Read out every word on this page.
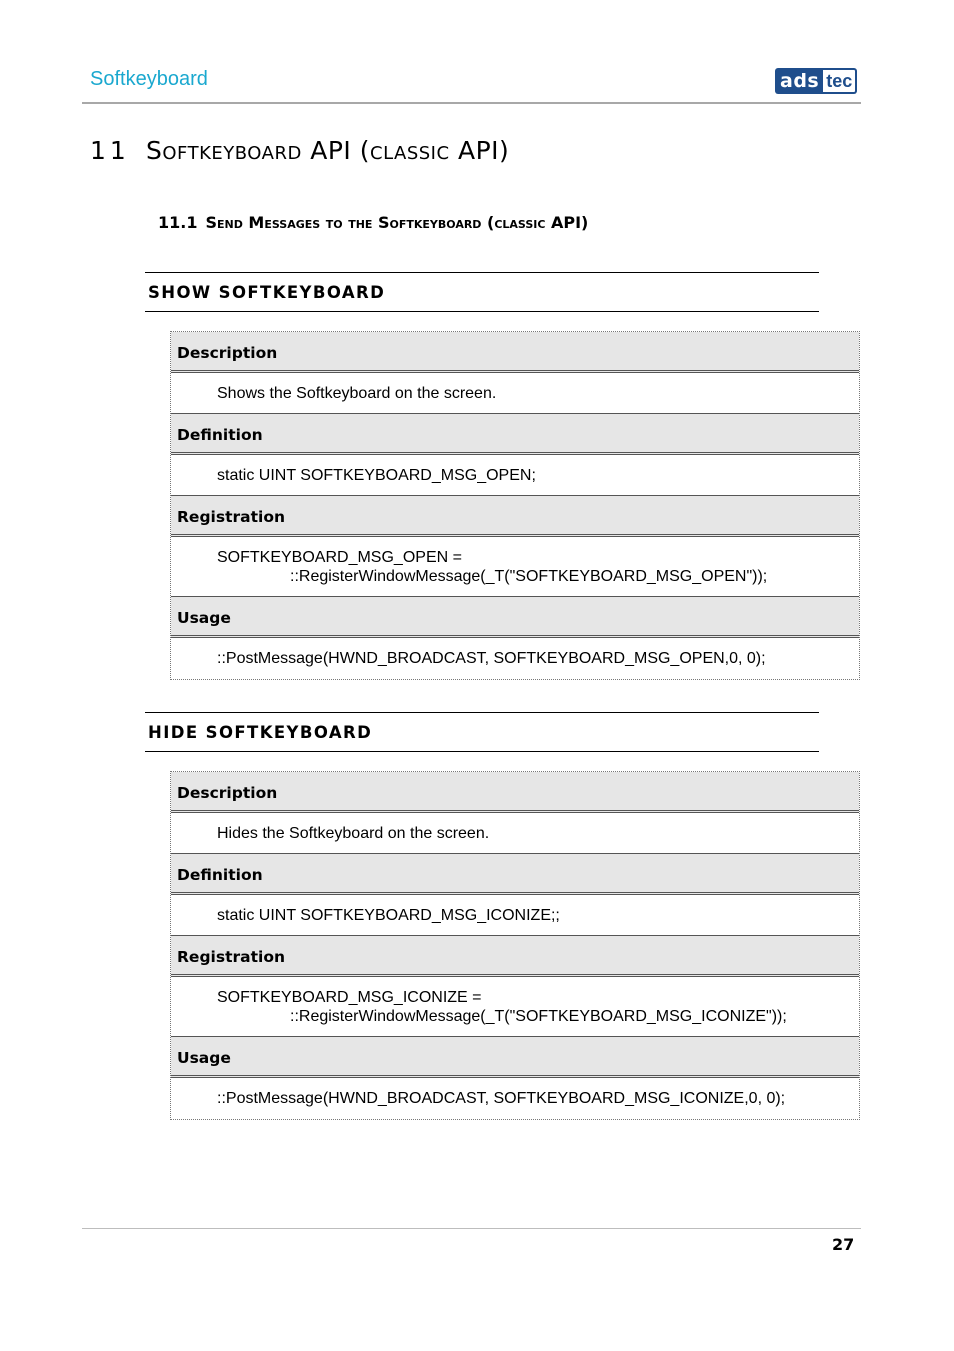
Softkeyboard	ads tec
11 Softkeyboard API (classic API)
11.1 Send Messages to the Softkeyboard (classic API)
SHOW SOFTKEYBOARD
Description
Shows the Softkeyboard on the screen.
Definition
static UINT SOFTKEYBOARD_MSG_OPEN;
Registration
SOFTKEYBOARD_MSG_OPEN =
::RegisterWindowMessage(_T("SOFTKEYBOARD_MSG_OPEN"));
Usage
::PostMessage(HWND_BROADCAST, SOFTKEYBOARD_MSG_OPEN,0, 0);
HIDE SOFTKEYBOARD
Description
Hides the Softkeyboard on the screen.
Definition
static UINT SOFTKEYBOARD_MSG_ICONIZE;;
Registration
SOFTKEYBOARD_MSG_ICONIZE =
::RegisterWindowMessage(_T("SOFTKEYBOARD_MSG_ICONIZE"));
Usage
::PostMessage(HWND_BROADCAST, SOFTKEYBOARD_MSG_ICONIZE,0, 0);
27
